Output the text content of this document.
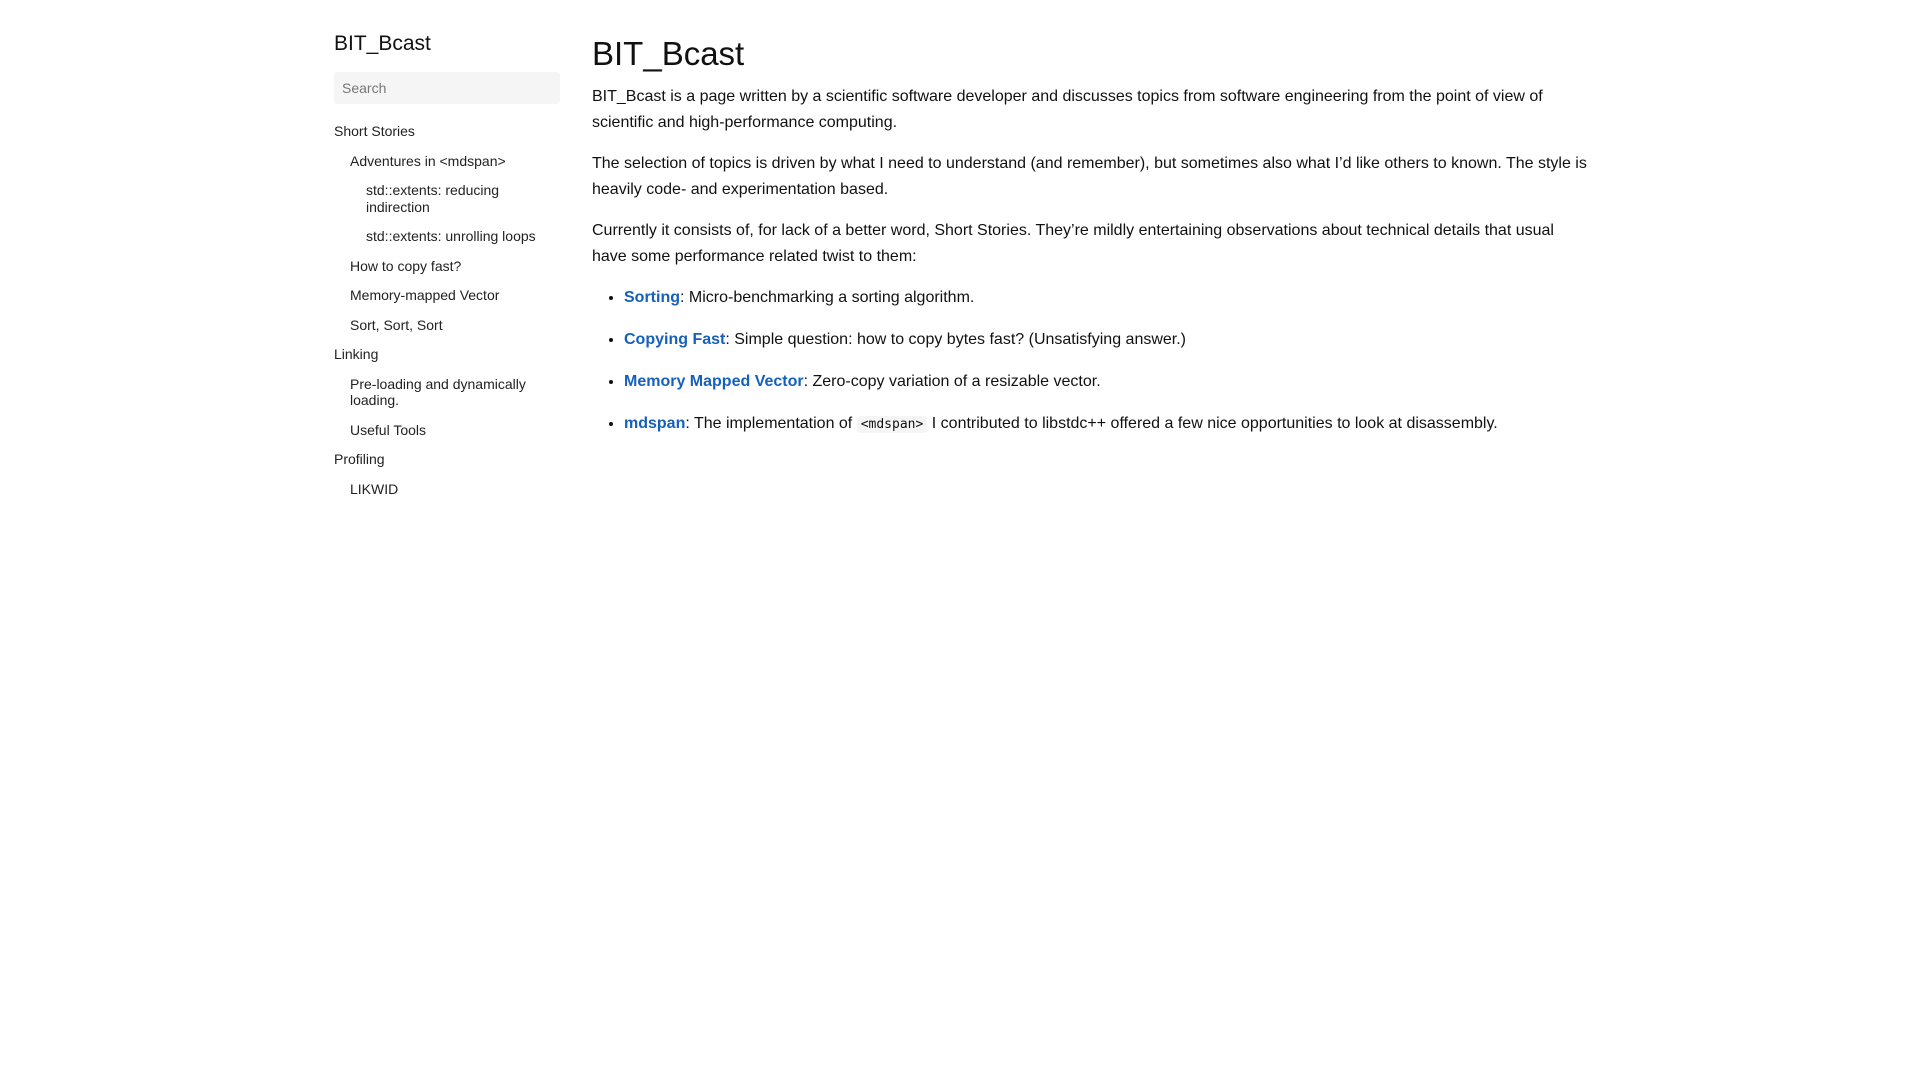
BIT_Bcast
Search
Short Stories
Adventures in <mdspan>
std::extents: reducing indirection
std::extents: unrolling loops
How to copy fast?
Memory-mapped Vector
Sort, Sort, Sort
Linking
Pre-loading and dynamically loading.
Useful Tools
Profiling
LIKWID
BIT_Bcast

BIT_Bcast is a page written by a scientific software developer and discusses topics from software engineering from the point of view of scientific and high-performance computing.

The selection of topics is driven by what I need to understand (and remember), but sometimes also what I’d like others to known. The style is heavily code- and experimentation based.

Currently it consists of, for lack of a better word, Short Stories. They’re mildly entertaining observations about technical details that usual have some performance related twist to them:

• Sorting: Micro-benchmarking a sorting algorithm.
• Copying Fast: Simple question: how to copy bytes fast? (Unsatisfying answer.)
• Memory Mapped Vector: Zero-copy variation of a resizable vector.
• mdspan: The implementation of <mdspan> I contributed to libstdc++ offered a few nice opportunities to look at disassembly.
